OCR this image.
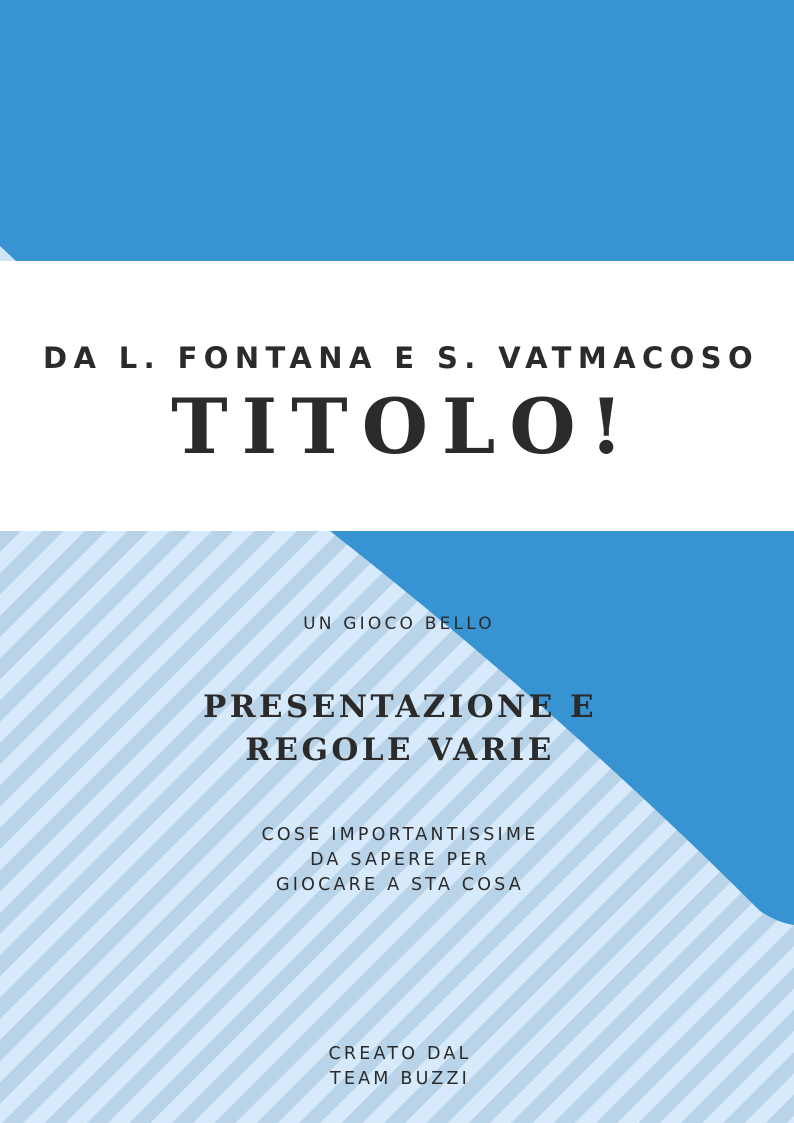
DA L. FONTANA E S. VATMACOSO
TITOLO!
UN GIOCO BELLO
PRESENTAZIONE E
REGOLE VARIE
COSE IMPORTANTISSIME
DA SAPERE PER
GIOCARE A STA COSA
CREATO DAL
TEAM BUZZI
